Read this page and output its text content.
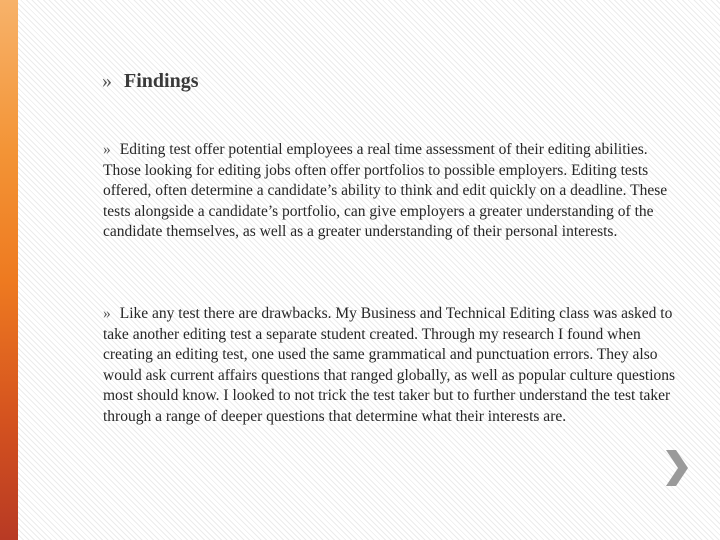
» Findings
» Editing test offer potential employees a real time assessment of their editing abilities. Those looking for editing jobs often offer portfolios to possible employers. Editing tests offered, often determine a candidate’s ability to think and edit quickly on a deadline. These tests alongside a candidate’s portfolio, can give employers a greater understanding of the candidate themselves, as well as a greater understanding of their personal interests.
» Like any test there are drawbacks. My Business and Technical Editing class was asked to take another editing test a separate student created. Through my research I found when creating an editing test, one used the same grammatical and punctuation errors. They also would ask current affairs questions that ranged globally, as well as popular culture questions most should know. I looked to not trick the test taker but to further understand the test taker through a range of deeper questions that determine what their interests are.
